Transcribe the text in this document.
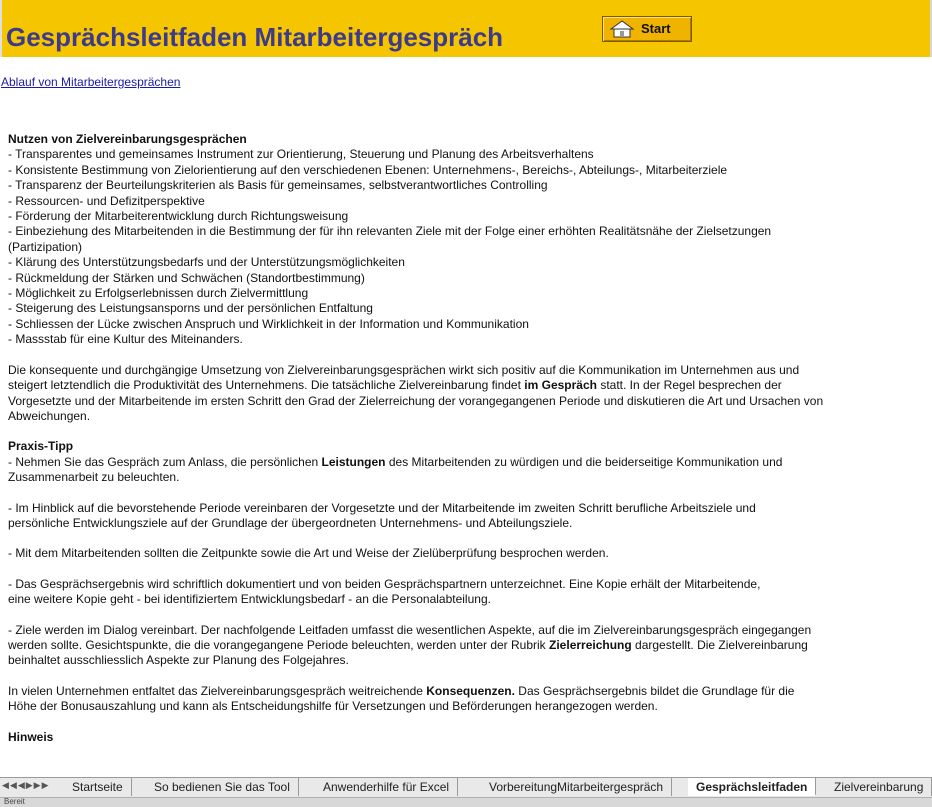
Gesprächsleitfaden Mitarbeitergespräch	Start
Ablauf von Mitarbeitergesprächen

Nutzen von Zielvereinbarungsgesprächen

- Transparentes und gemeinsames Instrument zur Orientierung, Steuerung und Planung des Arbeitsverhaltens

- Konsistente Bestimmung von Zielorientierung auf den verschiedenen Ebenen: Unternehmens-, Bereichs-, Abteilungs-, Mitarbeiterziele

- Transparenz der Beurteilungskriterien als Basis für gemeinsames, selbstverantwortliches Controlling

- Ressourcen- und Defizitperspektive

- Förderung der Mitarbeiterentwicklung durch Richtungsweisung

- Einbeziehung des Mitarbeitenden in die Bestimmung der für ihn relevanten Ziele mit der Folge einer erhöhten Realitätsnähe der Zielsetzungen (Partizipation)

- Klärung des Unterstützungsbedarfs und der Unterstützungsmöglichkeiten

- Rückmeldung der Stärken und Schwächen (Standortbestimmung)

- Möglichkeit zu Erfolgserlebnissen durch Zielvermittlung

- Steigerung des Leistungsansporns und der persönlichen Entfaltung

- Schliessen der Lücke zwischen Anspruch und Wirklichkeit in der Information und Kommunikation

- Massstab für eine Kultur des Miteinanders.

Die konsequente und durchgängige Umsetzung von Zielvereinbarungsgesprächen wirkt sich positiv auf die Kommunikation im Unternehmen aus und steigert letztendlich die Produktivität des Unternehmens. Die tatsächliche Zielvereinbarung findet im Gespräch statt. In der Regel besprechen der Vorgesetzte und der Mitarbeitende im ersten Schritt den Grad der Zielerreichung der vorangegangenen Periode und diskutieren die Art und Ursachen von Abweichungen.

Praxis-Tipp

- Nehmen Sie das Gespräch zum Anlass, die persönlichen Leistungen des Mitarbeitenden zu würdigen und die beiderseitige Kommunikation und Zusammenarbeit zu beleuchten.

- Im Hinblick auf die bevorstehende Periode vereinbaren der Vorgesetzte und der Mitarbeitende im zweiten Schritt berufliche Arbeitsziele und persönliche Entwicklungsziele auf der Grundlage der übergeordneten Unternehmens- und Abteilungsziele.

- Mit dem Mitarbeitenden sollten die Zeitpunkte sowie die Art und Weise der Zielüberprüfung besprochen werden.

- Das Gesprächsergebnis wird schriftlich dokumentiert und von beiden Gesprächspartnern unterzeichnet. Eine Kopie erhält der Mitarbeitende, eine weitere Kopie geht - bei identifiziertem Entwicklungsbedarf - an die Personalabteilung.

- Ziele werden im Dialog vereinbart. Der nachfolgende Leitfaden umfasst die wesentlichen Aspekte, auf die im Zielvereinbarungsgespräch eingegangen werden sollte. Gesichtspunkte, die die vorangegangene Periode beleuchten, werden unter der Rubrik Zielerreichung dargestellt. Die Zielvereinbarung beinhaltet ausschliesslich Aspekte zur Planung des Folgejahres.

In vielen Unternehmen entfaltet das Zielvereinbarungsgespräch weitreichende Konsequenzen. Das Gesprächsergebnis bildet die Grundlage für die Höhe der Bonusauszahlung und kann als Entscheidungshilfe für Versetzungen und Beförderungen herangezogen werden.

Hinweis

◀◀◀▶▶▶	Startseite	So bedienen Sie das Tool	Anwenderhilfe für Excel	VorbereitungMitarbeitergespräch	Gesprächsleitfaden	Zielvereinbarung
Bereit
